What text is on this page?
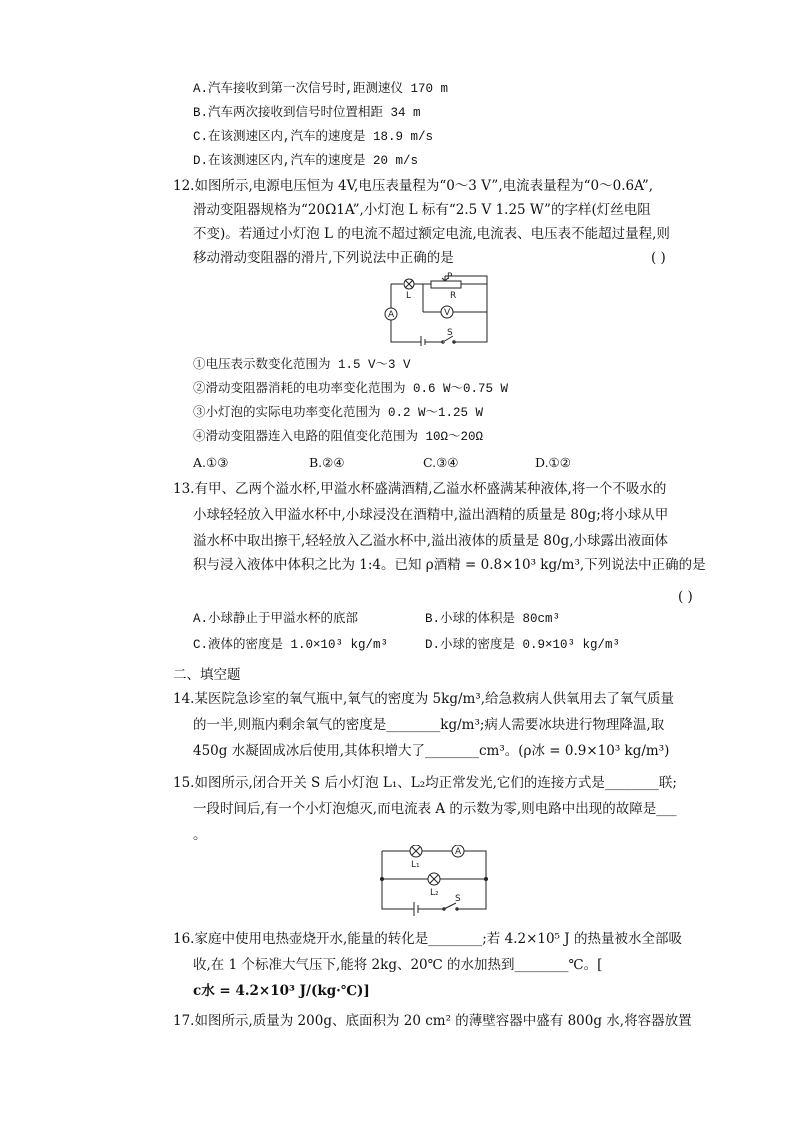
A.汽车接收到第一次信号时,距测速仪 170 m
B.汽车两次接收到信号时位置相距 34 m
C.在该测速区内,汽车的速度是 18.9 m/s
D.在该测速区内,汽车的速度是 20 m/s
12.如图所示,电源电压恒为 4V,电压表量程为“0～3 V”,电流表量程为“0～0.6A”,
滑动变阻器规格为“20Ω1A”,小灯泡 L 标有“2.5 V 1.25 W”的字样(灯丝电阻
不变)。若通过小灯泡 L 的电流不超过额定电流,电流表、电压表不能超过量程,则
移动滑动变阻器的滑片,下列说法中正确的是	( )
L
P
R
A	V
S
①电压表示数变化范围为 1.5 V～3 V
②滑动变阻器消耗的电功率变化范围为 0.6 W～0.75 W
③小灯泡的实际电功率变化范围为 0.2 W～1.25 W
④滑动变阻器连入电路的阻值变化范围为 10Ω～20Ω
A.①③	B.②④	C.③④	D.①②
13.有甲、乙两个溢水杯,甲溢水杯盛满酒精,乙溢水杯盛满某种液体,将一个不吸水的
小球轻轻放入甲溢水杯中,小球浸没在酒精中,溢出酒精的质量是 80g;将小球从甲
溢水杯中取出擦干,轻轻放入乙溢水杯中,溢出液体的质量是 80g,小球露出液面体
积与浸入液体中体积之比为 1:4。已知 ρ酒精 = 0.8×10³ kg/m³,下列说法中正确的是
( )
A.小球静止于甲溢水杯的底部	B.小球的体积是 80cm³
C.液体的密度是 1.0×10³ kg/m³	D.小球的密度是 0.9×10³ kg/m³
二、填空题
14.某医院急诊室的氧气瓶中,氧气的密度为 5kg/m³,给急救病人供氧用去了氧气质量
的一半,则瓶内剩余氧气的密度是________kg/m³;病人需要冰块进行物理降温,取
450g 水凝固成冰后使用,其体积增大了________cm³。(ρ冰 = 0.9×10³ kg/m³)
15.如图所示,闭合开关 S 后小灯泡 L₁、L₂均正常发光,它们的连接方式是________联;
一段时间后,有一个小灯泡熄灭,而电流表 A 的示数为零,则电路中出现的故障是___
。
L₁
A
L₂
S
16.家庭中使用电热壶烧开水,能量的转化是________;若 4.2×10⁵ J 的热量被水全部吸
收,在 1 个标准大气压下,能将 2kg、20℃ 的水加热到________℃。[
c水 = 4.2×10³ J/(kg·℃)]
17.如图所示,质量为 200g、底面积为 20 cm² 的薄壁容器中盛有 800g 水,将容器放置
